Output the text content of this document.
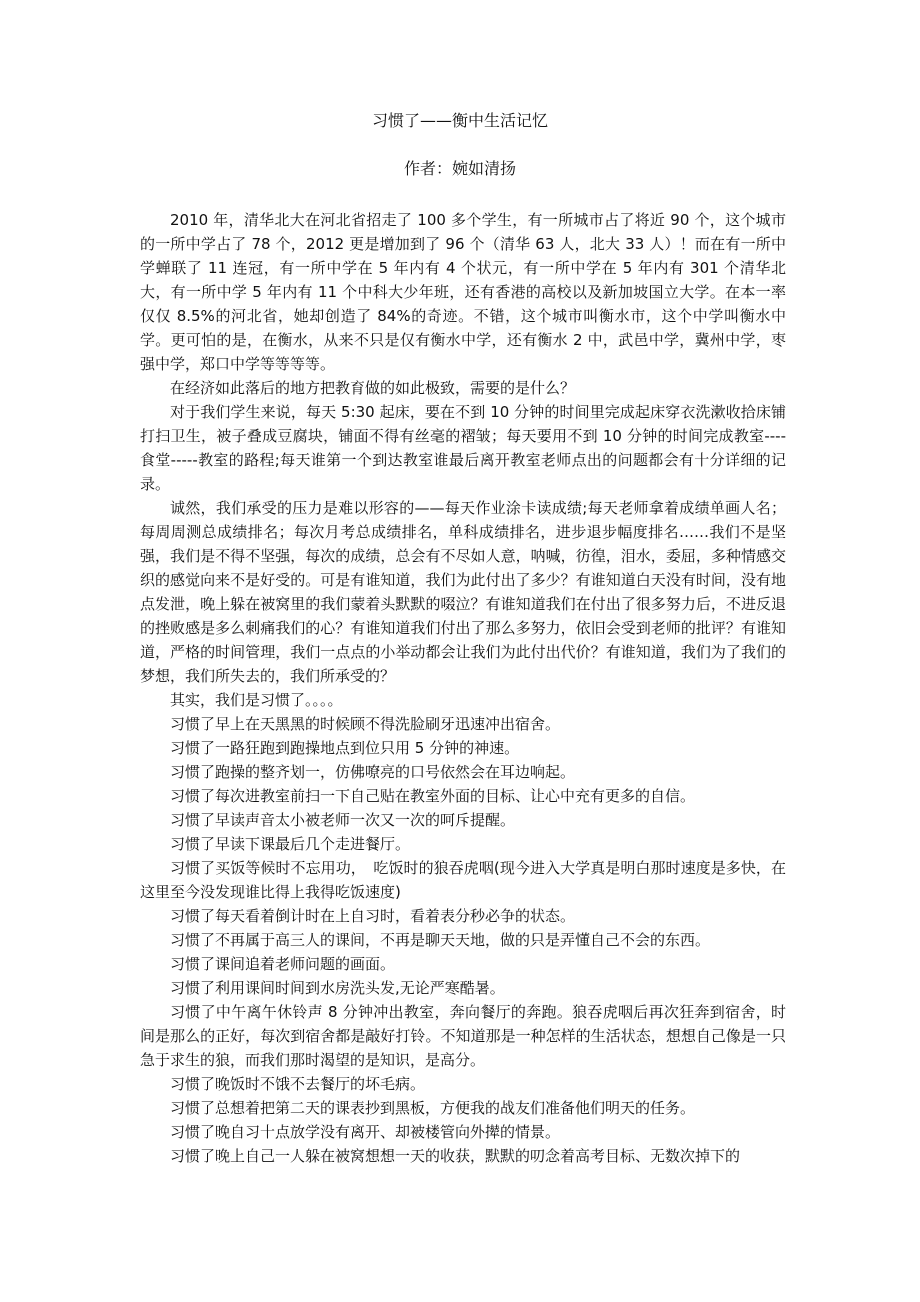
习惯了——衡中生活记忆
作者：婉如清扬

2010 年，清华北大在河北省招走了 100 多个学生，有一所城市占了将近 90 个，这个城市的一所中学占了 78 个，2012 更是增加到了 96 个（清华 63 人，北大 33 人）！而在有一所中学蝉联了 11 连冠，有一所中学在 5 年内有 4 个状元，有一所中学在 5 年内有 301 个清华北大，有一所中学 5 年内有 11 个中科大少年班，还有香港的高校以及新加坡国立大学。在本一率仅仅 8.5%的河北省，她却创造了 84%的奇迹。不错，这个城市叫衡水市，这个中学叫衡水中学。更可怕的是，在衡水，从来不只是仅有衡水中学，还有衡水 2 中，武邑中学，冀州中学，枣强中学，郑口中学等等等等。

在经济如此落后的地方把教育做的如此极致，需要的是什么？

对于我们学生来说，每天 5:30 起床，要在不到 10 分钟的时间里完成起床穿衣洗漱收拾床铺打扫卫生，被子叠成豆腐块，铺面不得有丝毫的褶皱；每天要用不到 10 分钟的时间完成教室----食堂-----教室的路程;每天谁第一个到达教室谁最后离开教室老师点出的问题都会有十分详细的记录。

诚然，我们承受的压力是难以形容的——每天作业涂卡读成绩;每天老师拿着成绩单画人名；每周周测总成绩排名；每次月考总成绩排名，单科成绩排名，进步退步幅度排名……我们不是坚强，我们是不得不坚强，每次的成绩，总会有不尽如人意，呐喊，彷徨，泪水，委屈，多种情感交织的感觉向来不是好受的。可是有谁知道，我们为此付出了多少？有谁知道白天没有时间，没有地点发泄，晚上躲在被窝里的我们蒙着头默默的啜泣？有谁知道我们在付出了很多努力后，不进反退的挫败感是多么刺痛我们的心？有谁知道我们付出了那么多努力，依旧会受到老师的批评？有谁知道，严格的时间管理，我们一点点的小举动都会让我们为此付出代价？有谁知道，我们为了我们的梦想，我们所失去的，我们所承受的？

其实，我们是习惯了。。。。

习惯了早上在天黑黑的时候顾不得洗脸刷牙迅速冲出宿舍。

习惯了一路狂跑到跑操地点到位只用 5 分钟的神速。

习惯了跑操的整齐划一，仿佛嘹亮的口号依然会在耳边响起。

习惯了每次进教室前扫一下自己贴在教室外面的目标、让心中充有更多的自信。

习惯了早读声音太小被老师一次又一次的呵斥提醒。

习惯了早读下课最后几个走进餐厅。

习惯了买饭等候时不忘用功，　吃饭时的狼吞虎咽(现今进入大学真是明白那时速度是多快，在这里至今没发现谁比得上我得吃饭速度)

习惯了每天看着倒计时在上自习时，看着表分秒必争的状态。

习惯了不再属于高三人的课间，不再是聊天天地，做的只是弄懂自己不会的东西。

习惯了课间追着老师问题的画面。

习惯了利用课间时间到水房洗头发,无论严寒酷暑。

习惯了中午离午休铃声 8 分钟冲出教室，奔向餐厅的奔跑。狼吞虎咽后再次狂奔到宿舍，时间是那么的正好，每次到宿舍都是敲好打铃。不知道那是一种怎样的生活状态，想想自己像是一只急于求生的狼，而我们那时渴望的是知识，是高分。

习惯了晚饭时不饿不去餐厅的坏毛病。

习惯了总想着把第二天的课表抄到黑板，方便我的战友们准备他们明天的任务。

习惯了晚自习十点放学没有离开、却被楼管向外撵的情景。

习惯了晚上自己一人躲在被窝想想一天的收获，默默的叨念着高考目标、无数次掉下的
